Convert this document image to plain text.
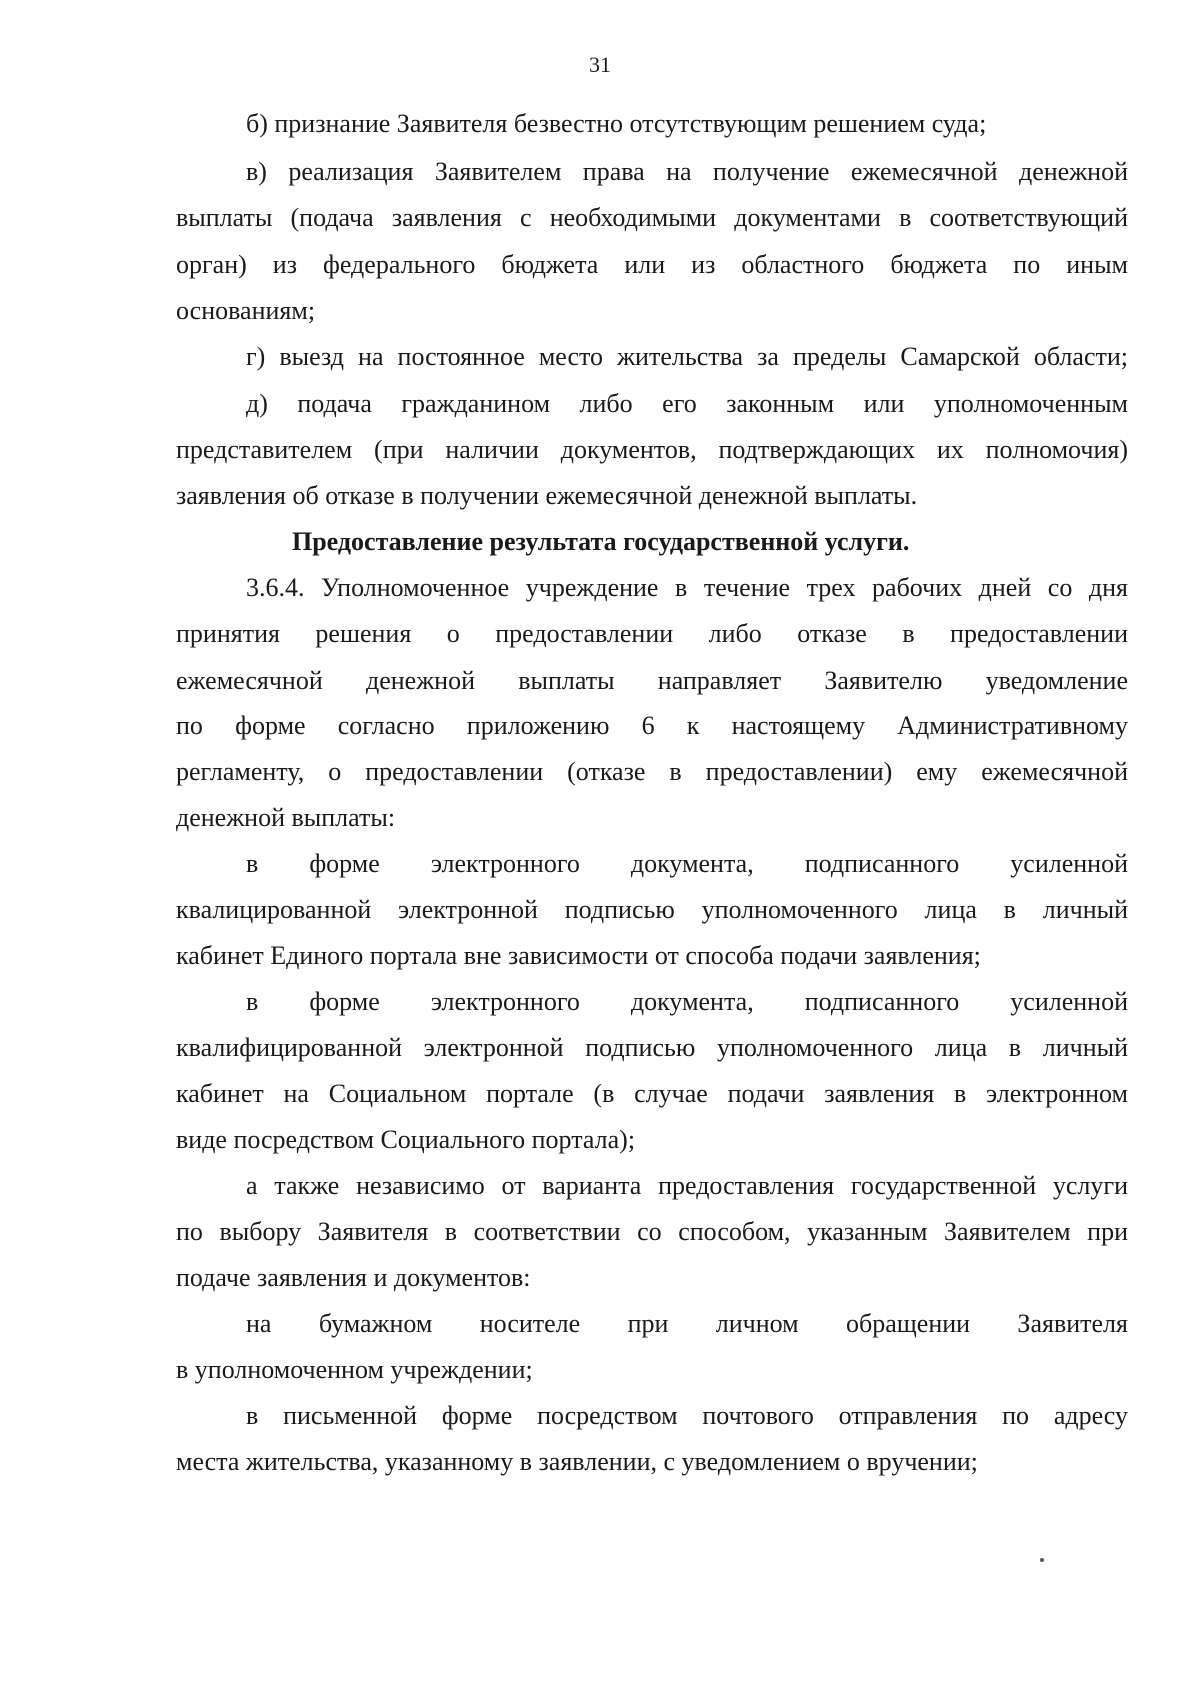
31
б) признание Заявителя безвестно отсутствующим решением суда;
в) реализация Заявителем права на получение ежемесячной денежной
выплаты (подача заявления с необходимыми документами в соответствующий
орган) из федерального бюджета или из областного бюджета по иным
основаниям;
г) выезд на постоянное место жительства за пределы Самарской области;
д) подача гражданином либо его законным или уполномоченным
представителем (при наличии документов, подтверждающих их полномочия)
заявления об отказе в получении ежемесячной денежной выплаты.
Предоставление результата государственной услуги.
3.6.4. Уполномоченное учреждение в течение трех рабочих дней со дня
принятия решения о предоставлении либо отказе в предоставлении
ежемесячной денежной выплаты направляет Заявителю уведомление
по форме согласно приложению 6 к настоящему Административному
регламенту, о предоставлении (отказе в предоставлении) ему ежемесячной
денежной выплаты:
в форме электронного документа, подписанного усиленной
квалицированной электронной подписью уполномоченного лица в личный
кабинет Единого портала вне зависимости от способа подачи заявления;
в форме электронного документа, подписанного усиленной
квалифицированной электронной подписью уполномоченного лица в личный
кабинет на Социальном портале (в случае подачи заявления в электронном
виде посредством Социального портала);
а также независимо от варианта предоставления государственной услуги
по выбору Заявителя в соответствии со способом, указанным Заявителем при
подаче заявления и документов:
на бумажном носителе при личном обращении Заявителя
в уполномоченном учреждении;
в письменной форме посредством почтового отправления по адресу
места жительства, указанному в заявлении, с уведомлением о вручении;
